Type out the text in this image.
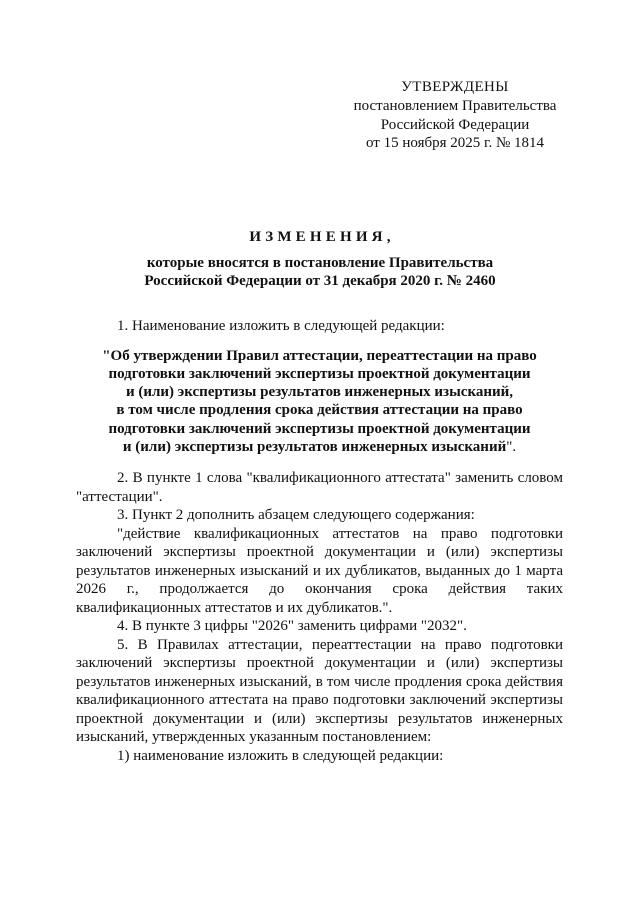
УТВЕРЖДЕНЫ
постановлением Правительства
Российской Федерации
от 15 ноября 2025 г. № 1814
ИЗМЕНЕНИЯ,
которые вносятся в постановление Правительства
Российской Федерации от 31 декабря 2020 г. № 2460

1. Наименование изложить в следующей редакции:

"Об утверждении Правил аттестации, переаттестации на право
подготовки заключений экспертизы проектной документации
и (или) экспертизы результатов инженерных изысканий,
в том числе продления срока действия аттестации на право
подготовки заключений экспертизы проектной документации
и (или) экспертизы результатов инженерных изысканий".

2. В пункте 1 слова "квалификационного аттестата" заменить словом "аттестации".

3. Пункт 2 дополнить абзацем следующего содержания:

"действие квалификационных аттестатов на право подготовки заключений экспертизы проектной документации и (или) экспертизы результатов инженерных изысканий и их дубликатов, выданных до 1 марта 2026 г., продолжается до окончания срока действия таких квалификационных аттестатов и их дубликатов.".

4. В пункте 3 цифры "2026" заменить цифрами "2032".

5. В Правилах аттестации, переаттестации на право подготовки заключений экспертизы проектной документации и (или) экспертизы результатов инженерных изысканий, в том числе продления срока действия квалификационного аттестата на право подготовки заключений экспертизы проектной документации и (или) экспертизы результатов инженерных изысканий, утвержденных указанным постановлением:

1) наименование изложить в следующей редакции:
